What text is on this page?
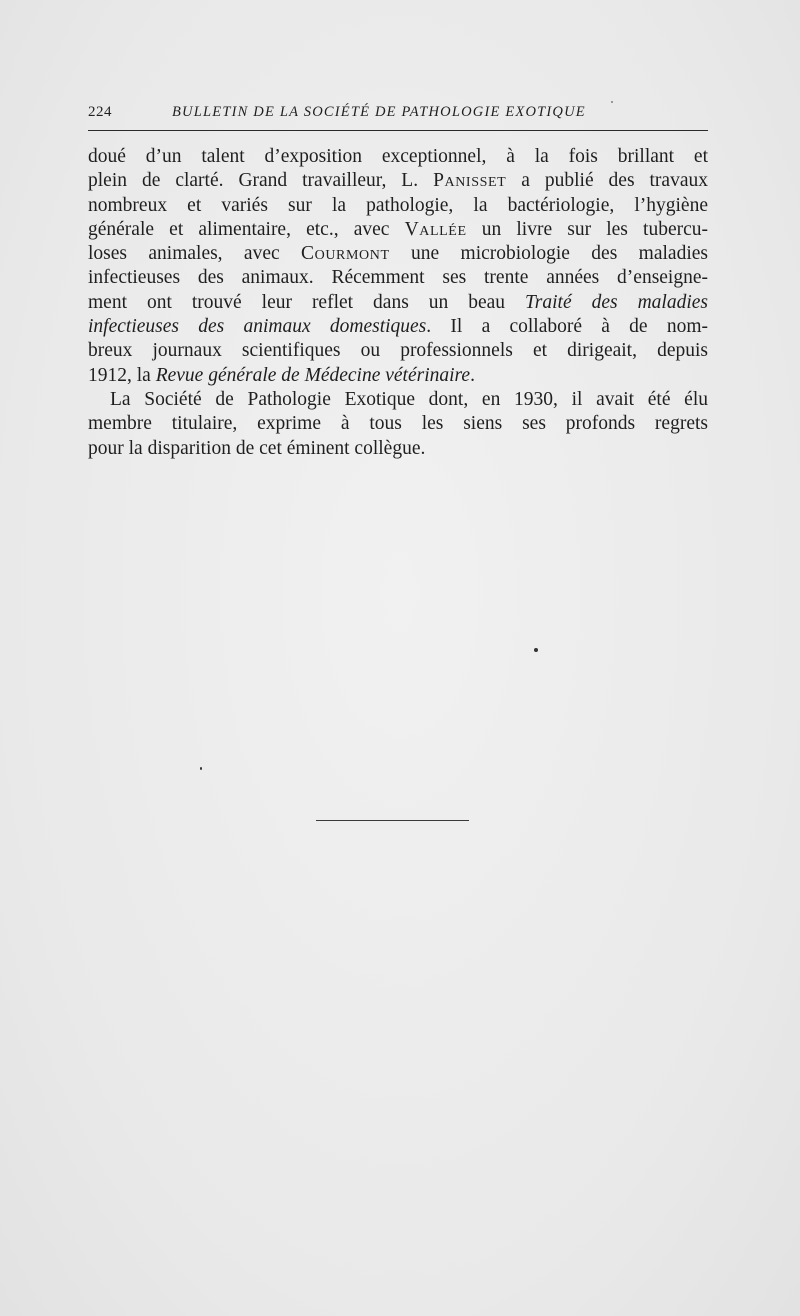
224	BULLETIN DE LA SOCIÉTÉ DE PATHOLOGIE EXOTIQUE
doué d’un talent d’exposition exceptionnel, à la fois brillant et
plein de clarté. Grand travailleur, L. Panisset a publié des travaux
nombreux et variés sur la pathologie, la bactériologie, l’hygiène
générale et alimentaire, etc., avec Vallée un livre sur les tubercu-
loses animales, avec Courmont une microbiologie des maladies
infectieuses des animaux. Récemment ses trente années d’enseigne-
ment ont trouvé leur reflet dans un beau Traité des maladies
infectieuses des animaux domestiques. Il a collaboré à de nom-
breux journaux scientifiques ou professionnels et dirigeait, depuis
1912, la Revue générale de Médecine vétérinaire.
La Société de Pathologie Exotique dont, en 1930, il avait été élu
membre titulaire, exprime à tous les siens ses profonds regrets
pour la disparition de cet éminent collègue.
